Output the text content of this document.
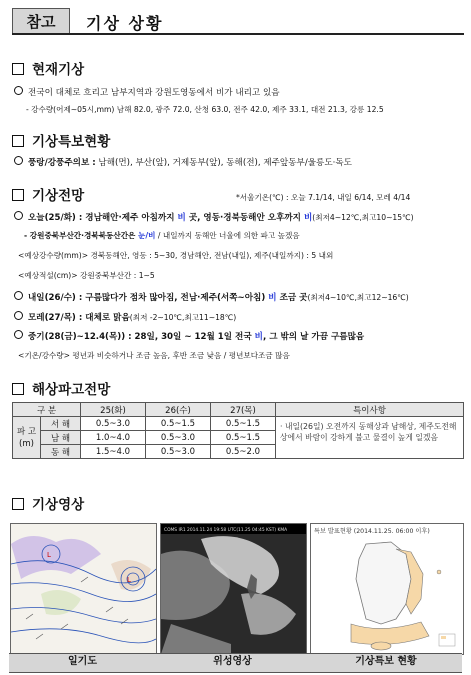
참고	기상 상황
현재기상
전국이 대체로 흐리고 남부지역과 강원도영동에서 비가 내리고 있음
- 강수량(어제~05시,mm) 남해 82.0, 광주 72.0, 산청 63.0, 전주 42.0, 제주 33.1, 대전 21.3, 강릉 12.5
기상특보현황
풍랑/강풍주의보 : 남해(먼), 부산(앞), 거제동부(앞), 동해(전), 제주앞동부/울릉도·독도
기상전망	*서울기온(℃) : 오늘 7.1/14, 내일 6/14, 모레 4/14
오늘(25/화) : 경남해안·제주 아침까지 비 곳, 영동·경북동해안 오후까지 비(최저4~12℃,최고10~15℃)
- 강원중북부산간·경북북동산간은 눈/비 / 내일까지 동해안 너울에 의한 파고 높겠음
<예상강수량(mm)> 경북동해안, 영동 : 5~30, 경남해안, 전남(내일), 제주(내일까지) : 5 내외
<예상적설(cm)> 강원중북부산간 : 1~5
내일(26/수) : 구름많다가 점차 많아짐, 전남·제주(서쪽~아침) 비 조금 곳(최저4~10℃,최고12~16℃)
모레(27/목) : 대체로 맑음(최저 -2~10℃,최고11~18℃)
중기(28(금)~12.4(목)) : 28일, 30일 ~ 12월 1일 전국 비, 그 밖의 날 가끔 구름많음
<기온/강수량> 평년과 비슷하거나 조금 높음, 후반 조금 낮음 / 평년보다조금 많음
해상파고전망
구 분		25(화)	26(수)	27(목)	특이사항
파 고
(m)	서 해	0.5~3.0	0.5~1.5	0.5~1.5	· 내일(26일) 오전까지 동해상과 남해상, 제주도전해상에서 바람이 강하게 불고 물결이 높게 일겠음
	남 해	1.0~4.0	0.5~3.0	0.5~1.5	
	동 해	1.5~4.0	0.5~3.0	0.5~2.0	
기상영상
L
L
COMS IR1 2014.11.24 19:58 UTC(11.25 04:45 KST) KMA	특보 발표현황 (2014.11.25. 06:00 이후)
일기도	위성영상	기상특보 현황
